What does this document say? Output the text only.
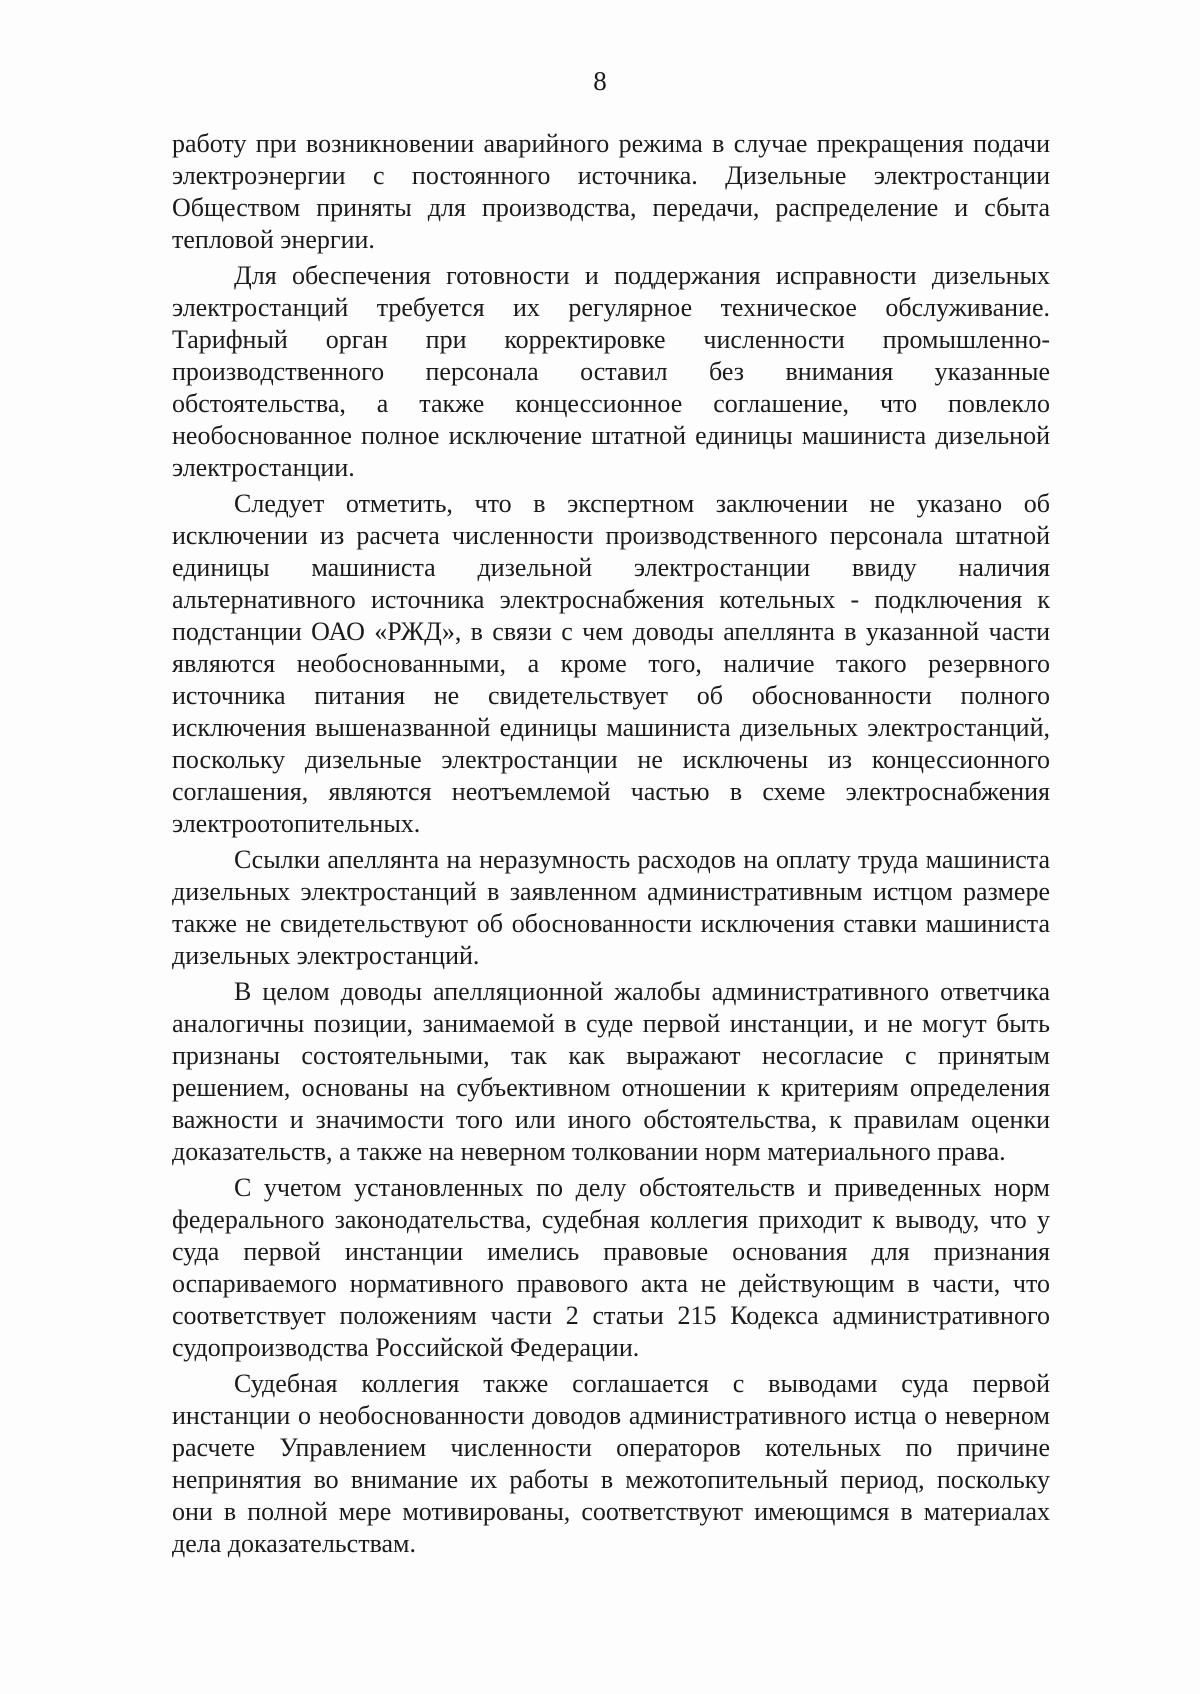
8

работу при возникновении аварийного режима в случае прекращения подачи электроэнергии с постоянного источника. Дизельные электростанции Обществом приняты для производства, передачи, распределение и сбыта тепловой энергии.

Для обеспечения готовности и поддержания исправности дизельных электростанций требуется их регулярное техническое обслуживание. Тарифный орган при корректировке численности промышленно-производственного персонала оставил без внимания указанные обстоятельства, а также концессионное соглашение, что повлекло необоснованное полное исключение штатной единицы машиниста дизельной электростанции.

Следует отметить, что в экспертном заключении не указано об исключении из расчета численности производственного персонала штатной единицы машиниста дизельной электростанции ввиду наличия альтернативного источника электроснабжения котельных - подключения к подстанции ОАО «РЖД», в связи с чем доводы апеллянта в указанной части являются необоснованными, а кроме того, наличие такого резервного источника питания не свидетельствует об обоснованности полного исключения вышеназванной единицы машиниста дизельных электростанций, поскольку дизельные электростанции не исключены из концессионного соглашения, являются неотъемлемой частью в схеме электроснабжения электроотопительных.

Ссылки апеллянта на неразумность расходов на оплату труда машиниста дизельных электростанций в заявленном административным истцом размере также не свидетельствуют об обоснованности исключения ставки машиниста дизельных электростанций.

В целом доводы апелляционной жалобы административного ответчика аналогичны позиции, занимаемой в суде первой инстанции, и не могут быть признаны состоятельными, так как выражают несогласие с принятым решением, основаны на субъективном отношении к критериям определения важности и значимости того или иного обстоятельства, к правилам оценки доказательств, а также на неверном толковании норм материального права.

С учетом установленных по делу обстоятельств и приведенных норм федерального законодательства, судебная коллегия приходит к выводу, что у суда первой инстанции имелись правовые основания для признания оспариваемого нормативного правового акта не действующим в части, что соответствует положениям части 2 статьи 215 Кодекса административного судопроизводства Российской Федерации.

Судебная коллегия также соглашается с выводами суда первой инстанции о необоснованности доводов административного истца о неверном расчете Управлением численности операторов котельных по причине непринятия во внимание их работы в межотопительный период, поскольку они в полной мере мотивированы, соответствуют имеющимся в материалах дела доказательствам.
